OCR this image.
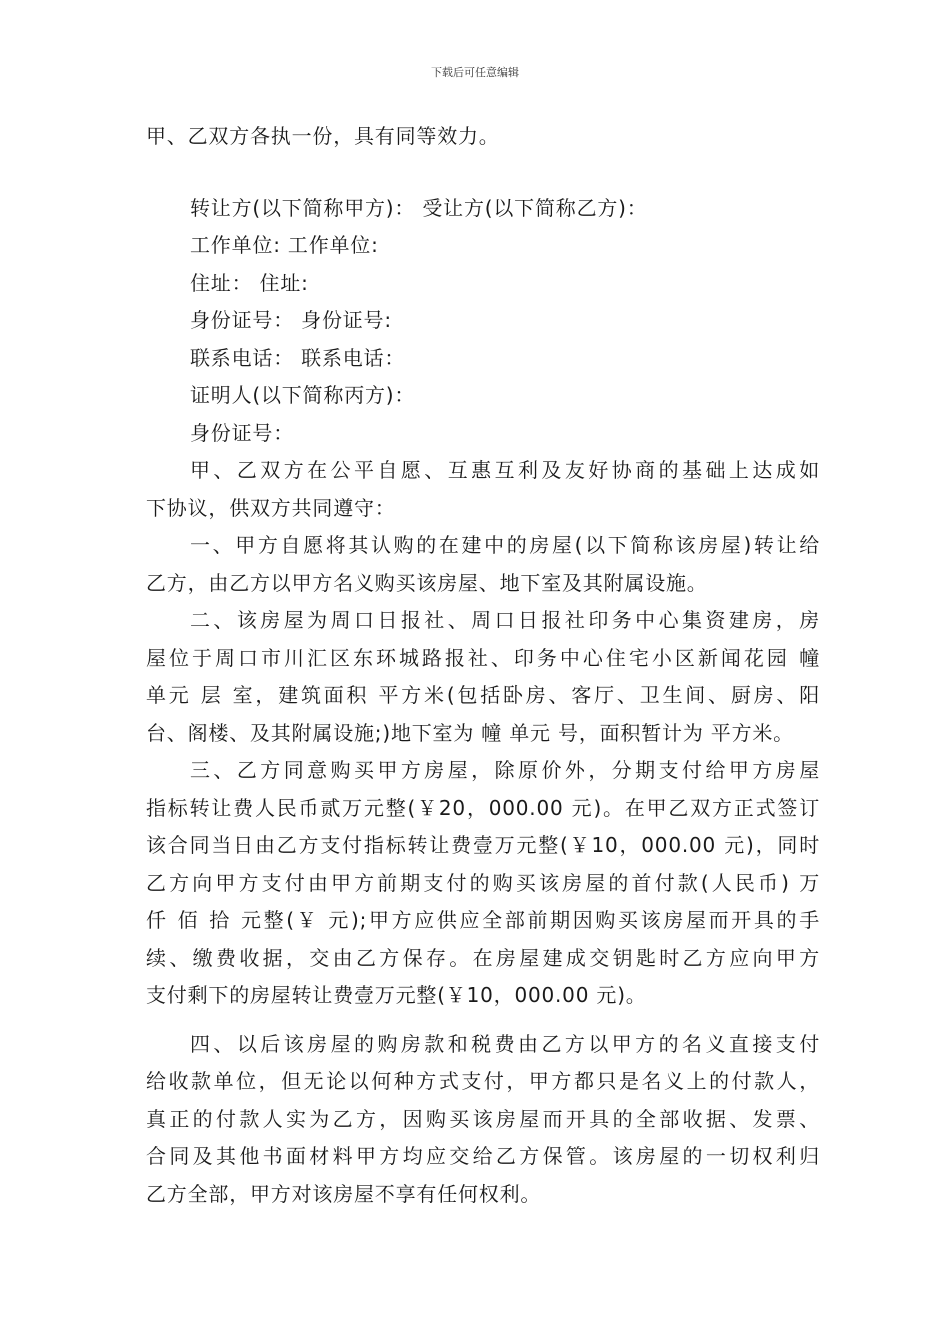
下载后可任意编辑
甲、乙双方各执一份，具有同等效力。
转让方(以下简称甲方)： 受让方(以下简称乙方)：
工作单位: 工作单位:
住址： 住址:
身份证号： 身份证号:
联系电话： 联系电话：
证明人(以下简称丙方)：
身份证号：
甲、乙双方在公平自愿、互惠互利及友好协商的基础上达成如
下协议，供双方共同遵守：
一、甲方自愿将其认购的在建中的房屋(以下简称该房屋)转让给
乙方，由乙方以甲方名义购买该房屋、地下室及其附属设施。
二、该房屋为周口日报社、周口日报社印务中心集资建房，房
屋位于周口市川汇区东环城路报社、印务中心住宅小区新闻花园 幢
单元 层 室，建筑面积 平方米(包括卧房、客厅、卫生间、厨房、阳
台、阁楼、及其附属设施;)地下室为 幢 单元 号，面积暂计为 平方米。
三、乙方同意购买甲方房屋，除原价外，分期支付给甲方房屋
指标转让费人民币贰万元整(￥20，000.00 元)。在甲乙双方正式签订
该合同当日由乙方支付指标转让费壹万元整(￥10，000.00 元)，同时
乙方向甲方支付由甲方前期支付的购买该房屋的首付款(人民币) 万
仟 佰 拾 元整(￥ 元);甲方应供应全部前期因购买该房屋而开具的手
续、缴费收据，交由乙方保存。在房屋建成交钥匙时乙方应向甲方
支付剩下的房屋转让费壹万元整(￥10，000.00 元)。
四、以后该房屋的购房款和税费由乙方以甲方的名义直接支付
给收款单位，但无论以何种方式支付，甲方都只是名义上的付款人，
真正的付款人实为乙方，因购买该房屋而开具的全部收据、发票、
合同及其他书面材料甲方均应交给乙方保管。该房屋的一切权利归
乙方全部，甲方对该房屋不享有任何权利。
